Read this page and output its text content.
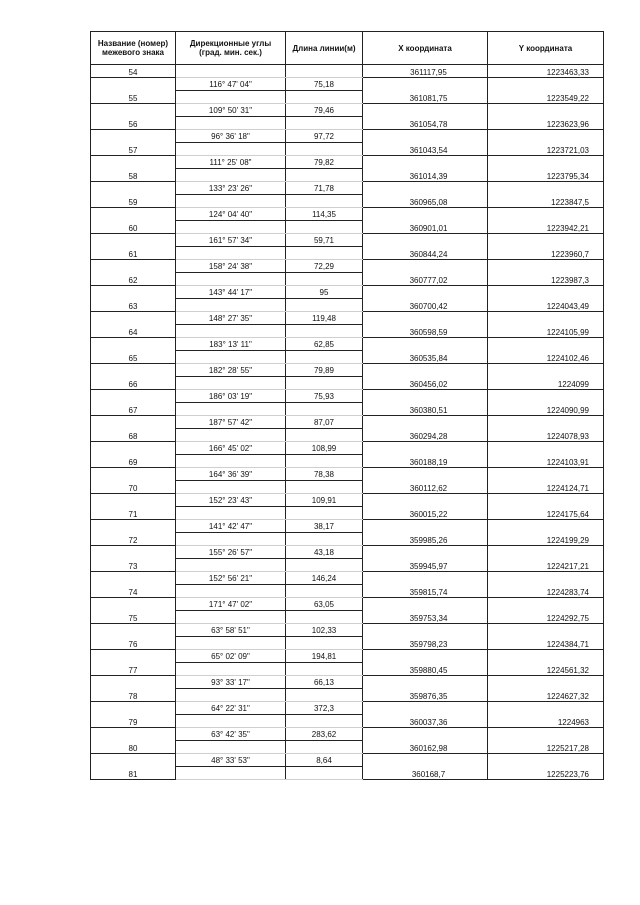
Название (номер) межевого знака	Дирекционные углы (град. мин. сек.)	Длина линии(м)	X координата	Y координата
54			361117,95	1223463,33
	116° 47' 04"	75,18		
55			361081,75	1223549,22
	109° 50' 31"	79,46		
56			361054,78	1223623,96
	96° 36' 18"	97,72		
57			361043,54	1223721,03
	111° 25' 08"	79,82		
58			361014,39	1223795,34
	133° 23' 26"	71,78		
59			360965,08	1223847,5
	124° 04' 40"	114,35		
60			360901,01	1223942,21
	161° 57' 34"	59,71		
61			360844,24	1223960,7
	158° 24' 38"	72,29		
62			360777,02	1223987,3
	143° 44' 17"	95		
63			360700,42	1224043,49
	148° 27' 35"	119,48		
64			360598,59	1224105,99
	183° 13' 11"	62,85		
65			360535,84	1224102,46
	182° 28' 55"	79,89		
66			360456,02	1224099
	186° 03' 19"	75,93		
67			360380,51	1224090,99
	187° 57' 42"	87,07		
68			360294,28	1224078,93
	166° 45' 02"	108,99		
69			360188,19	1224103,91
	164° 36' 39"	78,38		
70			360112,62	1224124,71
	152° 23' 43"	109,91		
71			360015,22	1224175,64
	141° 42' 47"	38,17		
72			359985,26	1224199,29
	155° 26' 57"	43,18		
73			359945,97	1224217,21
	152° 56' 21"	146,24		
74			359815,74	1224283,74
	171° 47' 02"	63,05		
75			359753,34	1224292,75
	63° 58' 51"	102,33		
76			359798,23	1224384,71
	65° 02' 09"	194,81		
77			359880,45	1224561,32
	93° 33' 17"	66,13		
78			359876,35	1224627,32
	64° 22' 31"	372,3		
79			360037,36	1224963
	63° 42' 35"	283,62		
80			360162,98	1225217,28
	48° 33' 53"	8,64		
81			360168,7	1225223,76
